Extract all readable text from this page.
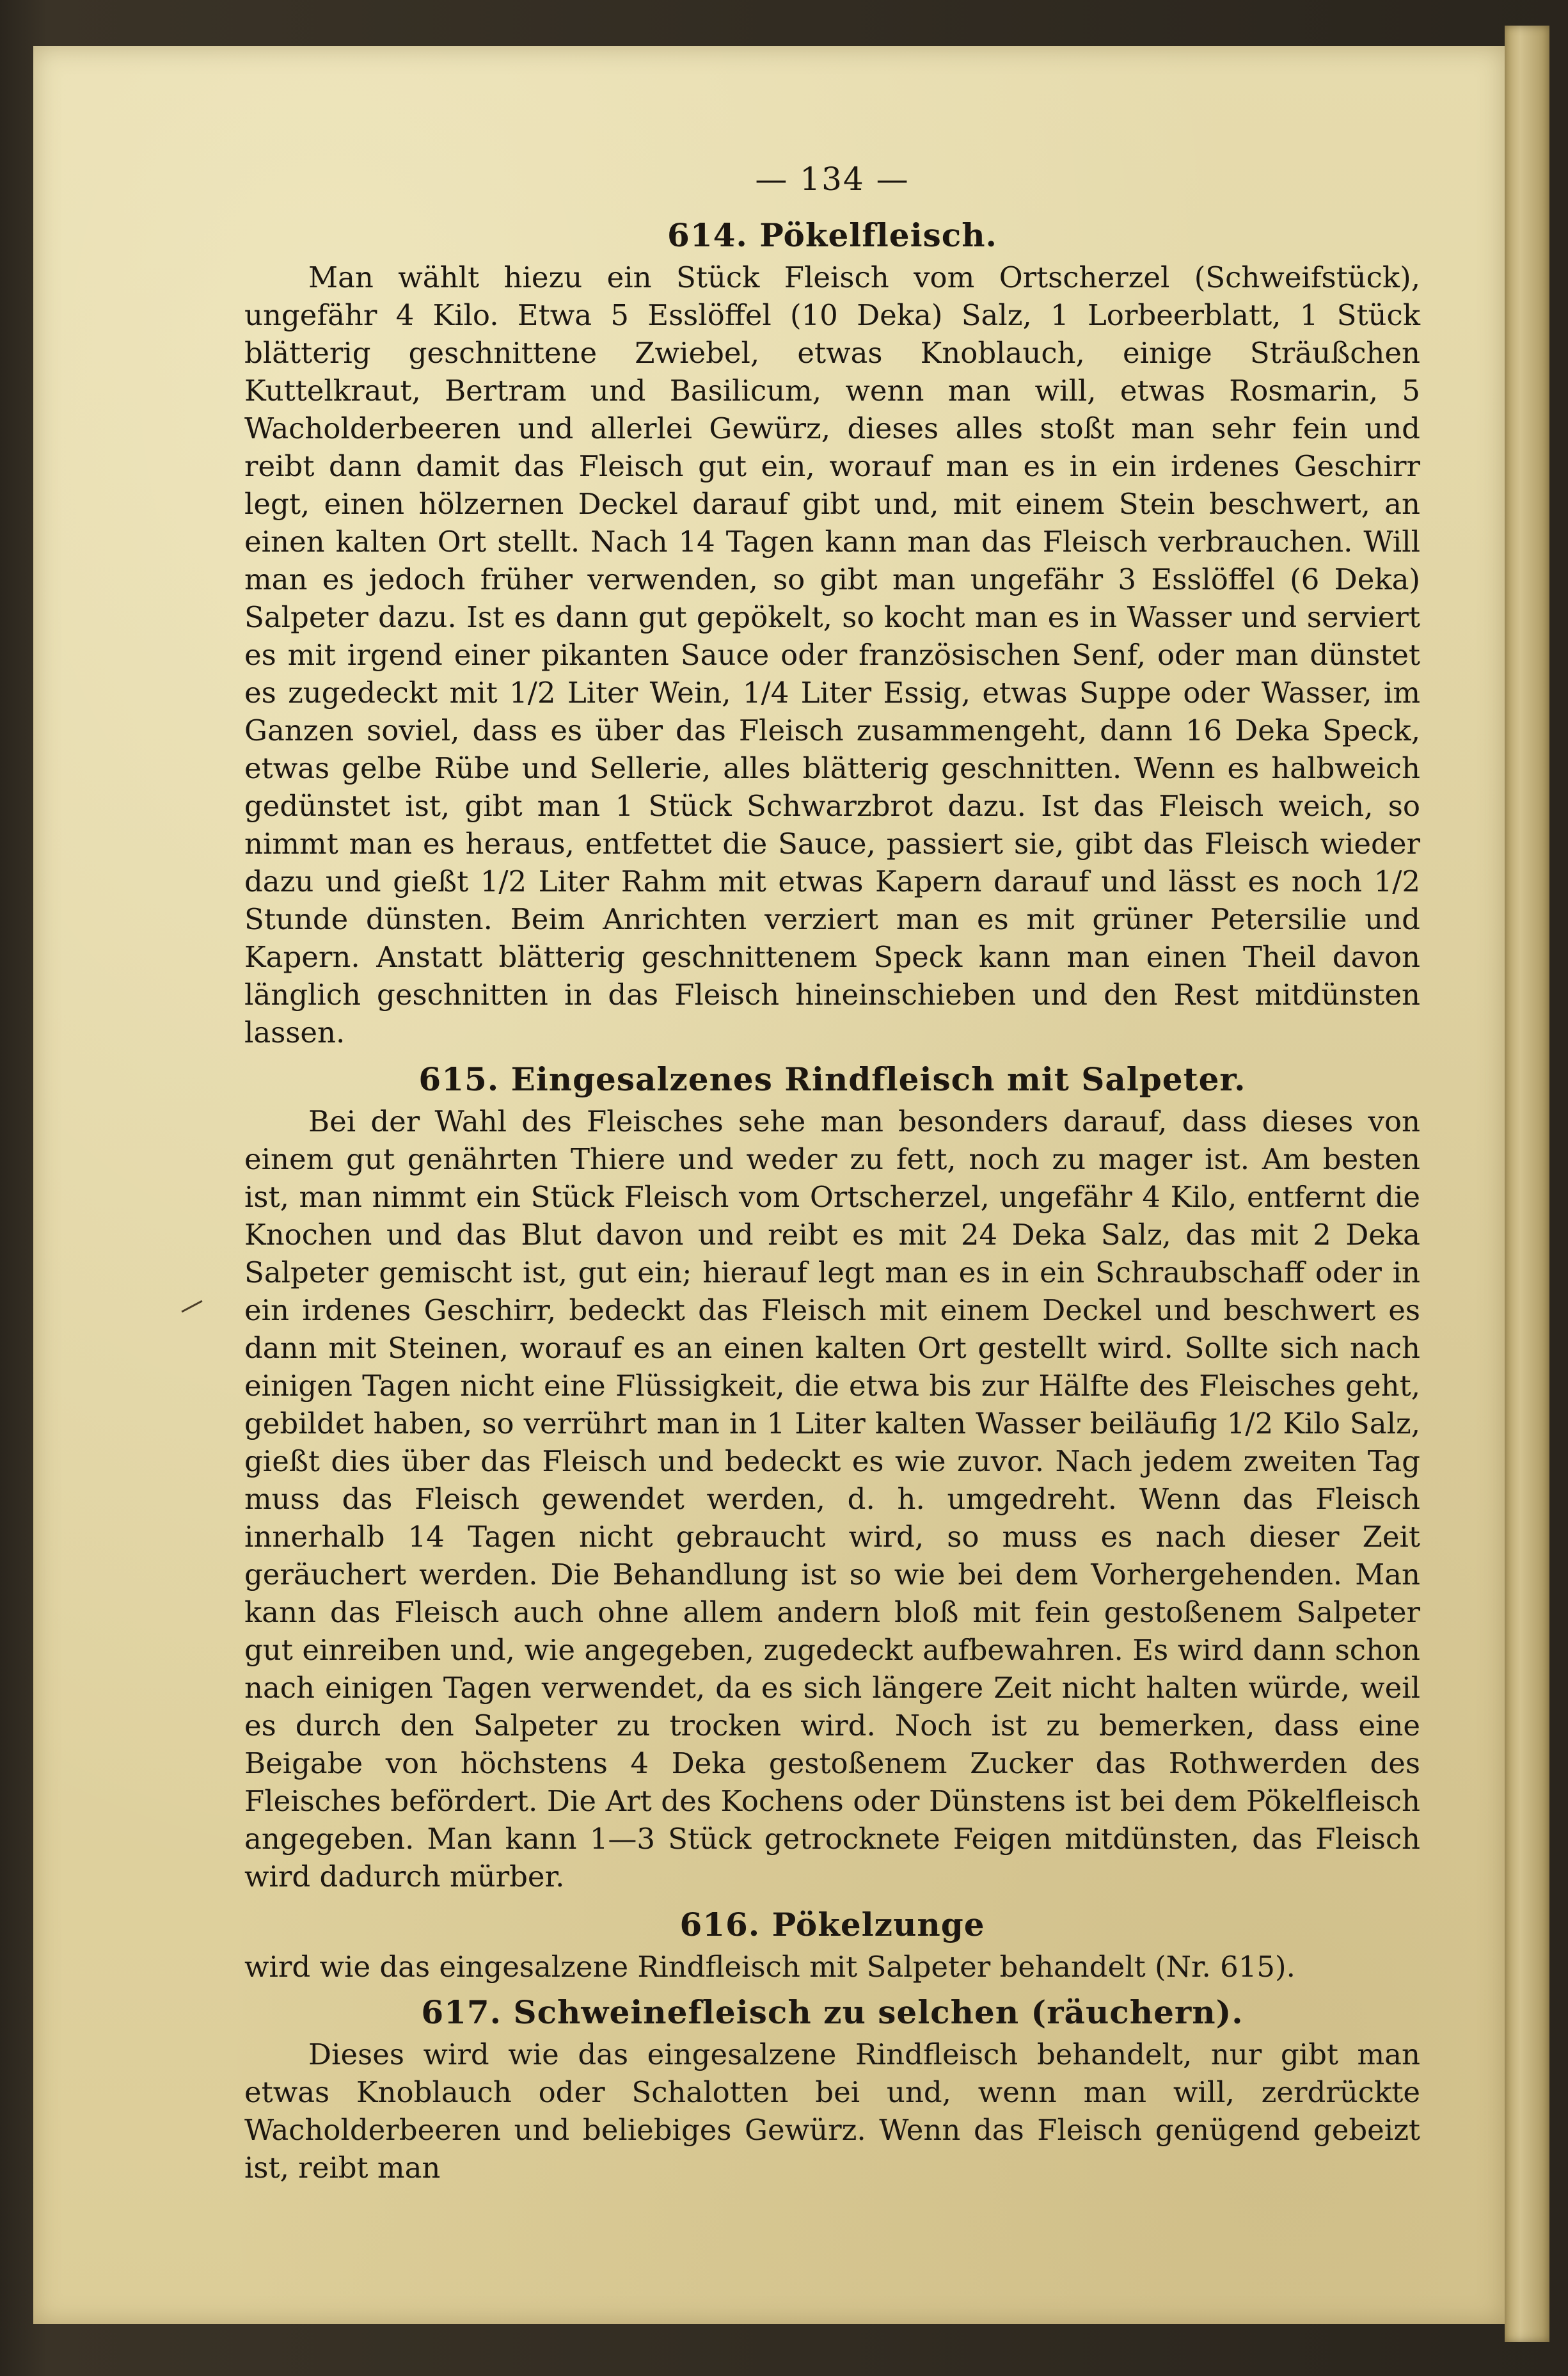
— 134 —
614. Pökelfleisch.

Man wählt hiezu ein Stück Fleisch vom Ortscherzel (Schweifstück), ungefähr 4 Kilo. Etwa 5 Esslöffel (10 Deka) Salz, 1 Lorbeerblatt, 1 Stück blätterig geschnittene Zwiebel, etwas Knoblauch, einige Sträußchen Kuttelkraut, Bertram und Basilicum, wenn man will, etwas Rosmarin, 5 Wacholderbeeren und allerlei Gewürz, dieses alles stoßt man sehr fein und reibt dann damit das Fleisch gut ein, worauf man es in ein irdenes Geschirr legt, einen hölzernen Deckel darauf gibt und, mit einem Stein beschwert, an einen kalten Ort stellt. Nach 14 Tagen kann man das Fleisch verbrauchen. Will man es jedoch früher verwenden, so gibt man ungefähr 3 Esslöffel (6 Deka) Salpeter dazu. Ist es dann gut gepökelt, so kocht man es in Wasser und serviert es mit irgend einer pikanten Sauce oder französischen Senf, oder man dünstet es zugedeckt mit 1/2 Liter Wein, 1/4 Liter Essig, etwas Suppe oder Wasser, im Ganzen soviel, dass es über das Fleisch zusammengeht, dann 16 Deka Speck, etwas gelbe Rübe und Sellerie, alles blätterig geschnitten. Wenn es halbweich gedünstet ist, gibt man 1 Stück Schwarzbrot dazu. Ist das Fleisch weich, so nimmt man es heraus, entfettet die Sauce, passiert sie, gibt das Fleisch wieder dazu und gießt 1/2 Liter Rahm mit etwas Kapern darauf und lässt es noch 1/2 Stunde dünsten. Beim Anrichten verziert man es mit grüner Petersilie und Kapern. Anstatt blätterig geschnittenem Speck kann man einen Theil davon länglich geschnitten in das Fleisch hineinschieben und den Rest mitdünsten lassen.

615. Eingesalzenes Rindfleisch mit Salpeter.

Bei der Wahl des Fleisches sehe man besonders darauf, dass dieses von einem gut genährten Thiere und weder zu fett, noch zu mager ist. Am besten ist, man nimmt ein Stück Fleisch vom Ortscherzel, ungefähr 4 Kilo, entfernt die Knochen und das Blut davon und reibt es mit 24 Deka Salz, das mit 2 Deka Salpeter gemischt ist, gut ein; hierauf legt man es in ein Schraubschaff oder in ein irdenes Geschirr, bedeckt das Fleisch mit einem Deckel und beschwert es dann mit Steinen, worauf es an einen kalten Ort gestellt wird. Sollte sich nach einigen Tagen nicht eine Flüssigkeit, die etwa bis zur Hälfte des Fleisches geht, gebildet haben, so verrührt man in 1 Liter kalten Wasser beiläufig 1/2 Kilo Salz, gießt dies über das Fleisch und bedeckt es wie zuvor. Nach jedem zweiten Tag muss das Fleisch gewendet werden, d. h. umgedreht. Wenn das Fleisch innerhalb 14 Tagen nicht gebraucht wird, so muss es nach dieser Zeit geräuchert werden. Die Behandlung ist so wie bei dem Vorhergehenden. Man kann das Fleisch auch ohne allem andern bloß mit fein gestoßenem Salpeter gut einreiben und, wie angegeben, zugedeckt aufbewahren. Es wird dann schon nach einigen Tagen verwendet, da es sich längere Zeit nicht halten würde, weil es durch den Salpeter zu trocken wird. Noch ist zu bemerken, dass eine Beigabe von höchstens 4 Deka gestoßenem Zucker das Rothwerden des Fleisches befördert. Die Art des Kochens oder Dünstens ist bei dem Pökelfleisch angegeben. Man kann 1—3 Stück getrocknete Feigen mitdünsten, das Fleisch wird dadurch mürber.

616. Pökelzunge

wird wie das eingesalzene Rindfleisch mit Salpeter behandelt (Nr. 615).

617. Schweinefleisch zu selchen (räuchern).

Dieses wird wie das eingesalzene Rindfleisch behandelt, nur gibt man etwas Knoblauch oder Schalotten bei und, wenn man will, zerdrückte Wacholderbeeren und beliebiges Gewürz. Wenn das Fleisch genügend gebeizt ist, reibt man
